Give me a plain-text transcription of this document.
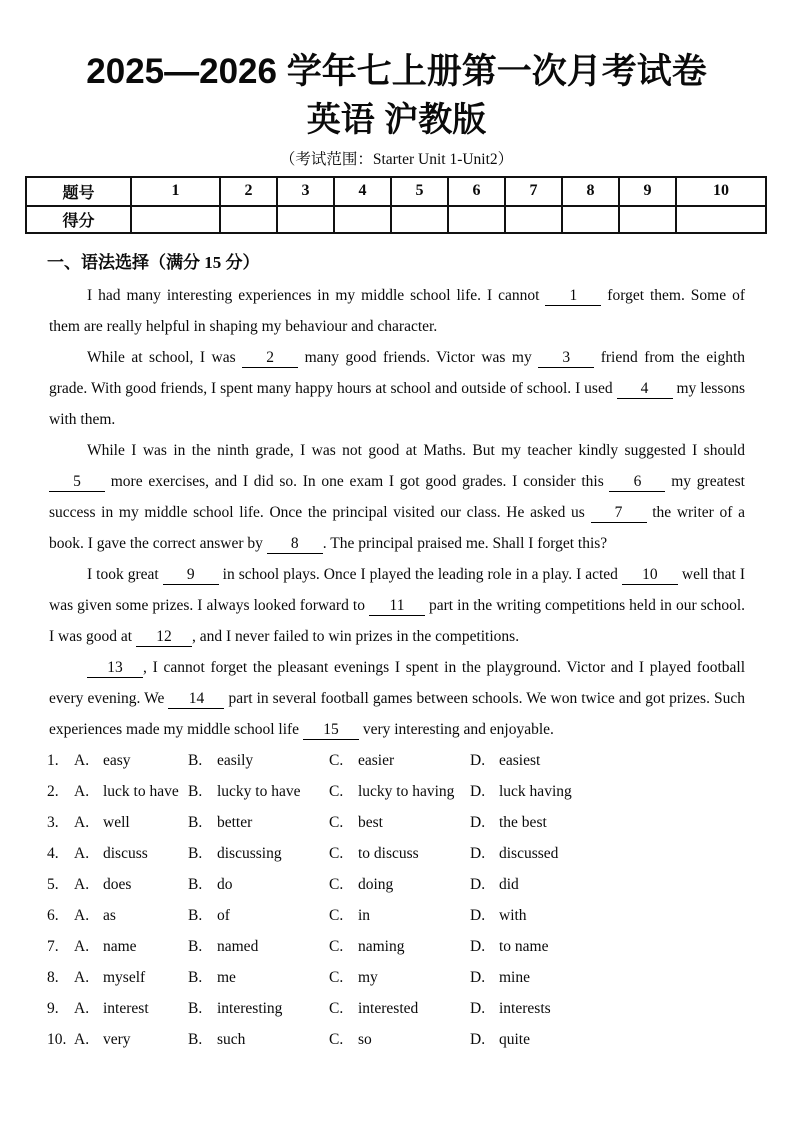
2025—2026 学年七上册第一次月考试卷
英语 沪教版
（考试范围：Starter Unit 1-Unit2）
题号	1	2	3	4	5	6	7	8	9	10
得分										
一、语法选择（满分 15 分）

I had many interesting experiences in my middle school life. I cannot 1 forget them. Some of them are really helpful in shaping my behaviour and character.

While at school, I was 2 many good friends. Victor was my 3 friend from the eighth grade. With good friends, I spent many happy hours at school and outside of school. I used 4 my lessons with them.

While I was in the ninth grade, I was not good at Maths. But my teacher kindly suggested I should 5 more exercises, and I did so. In one exam I got good grades. I consider this 6 my greatest success in my middle school life. Once the principal visited our class. He asked us 7 the writer of a book. I gave the correct answer by 8 . The principal praised me. Shall I forget this?

I took great 9 in school plays. Once I played the leading role in a play. I acted 10 well that I was given some prizes. I always looked forward to 11 part in the writing competitions held in our school. I was good at 12 , and I never failed to win prizes in the competitions.

13 , I cannot forget the pleasant evenings I spent in the playground. Victor and I played football every evening. We 14 part in several football games between schools. We won twice and got prizes. Such experiences made my middle school life 15 very interesting and enjoyable.

1. A. easy	B. easily	C. easier	D. easiest
2. A. luck to have B. lucky to have	C. lucky to having	D. luck having
3. A. well	B. better	C. best	D. the best
4. A. discuss	B. discussing	C. to discuss	D. discussed
5. A. does	B. do	C. doing	D. did
6. A. as	B. of	C. in	D. with
7. A. name	B. named	C. naming	D. to name
8. A. myself	B. me	C. my	D. mine
9. A. interest	B. interesting	C. interested	D. interests
10. A. very	B. such	C. so	D. quite
